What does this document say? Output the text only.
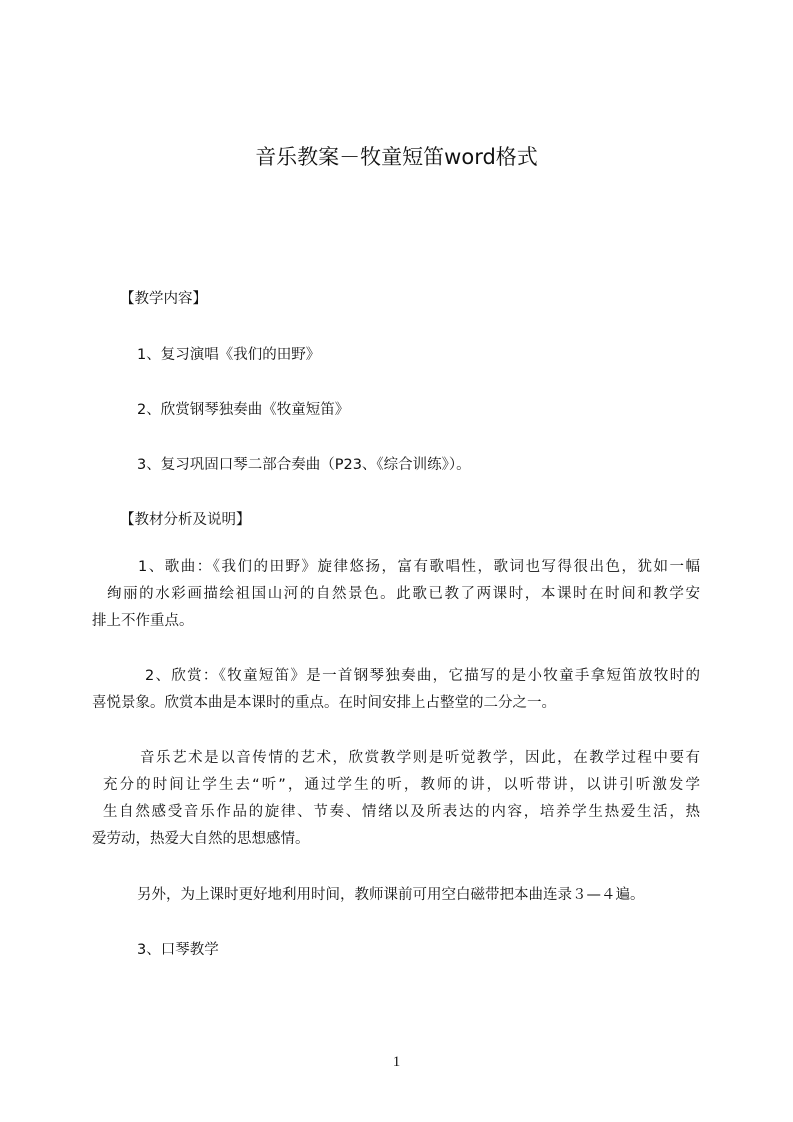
音乐教案－牧童短笛word格式
【教学内容】
1、复习演唱《我们的田野》
2、欣赏钢琴独奏曲《牧童短笛》
3、复习巩固口琴二部合奏曲（P23、《综合训练》）。
【教材分析及说明】
1、歌曲：《我们的田野》旋律悠扬，富有歌唱性，歌词也写得很出色，犹如一幅
绚丽的水彩画描绘祖国山河的自然景色。此歌已教了两课时，本课时在时间和教学安
排上不作重点。
2、欣赏：《牧童短笛》是一首钢琴独奏曲，它描写的是小牧童手拿短笛放牧时的
喜悦景象。欣赏本曲是本课时的重点。在时间安排上占整堂的二分之一。
音乐艺术是以音传情的艺术，欣赏教学则是听觉教学，因此，在教学过程中要有
充分的时间让学生去“听”，通过学生的听，教师的讲，以听带讲，以讲引听激发学
生自然感受音乐作品的旋律、节奏、情绪以及所表达的内容，培养学生热爱生活，热
爱劳动，热爱大自然的思想感情。
另外，为上课时更好地利用时间，教师课前可用空白磁带把本曲连录３—４遍。
3、口琴教学
1
